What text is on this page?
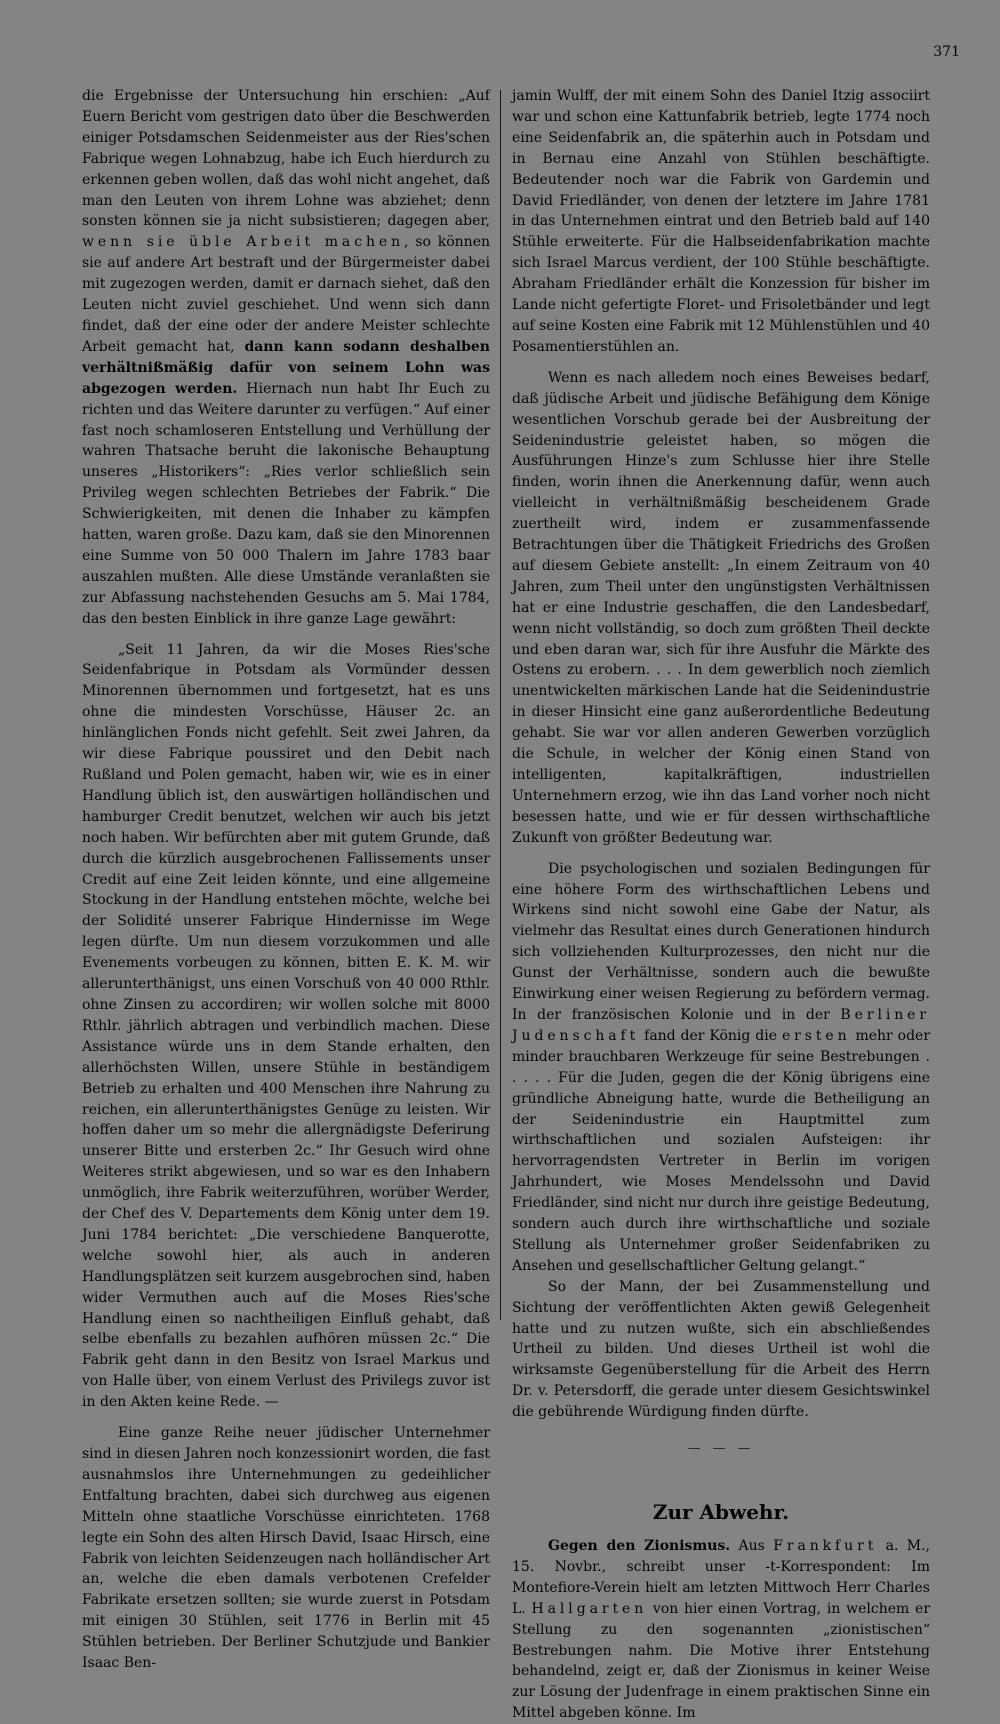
371

die Ergebnisse der Untersuchung hin erschien: „Auf Euern Bericht vom gestrigen dato über die Beschwerden einiger Potsdamschen Seidenmeister aus der Ries'schen Fabrique wegen Lohnabzug, habe ich Euch hierdurch zu erkennen geben wollen, daß das wohl nicht angehet, daß man den Leuten von ihrem Lohne was abziehet; denn sonsten können sie ja nicht subsistieren; dagegen aber, wenn sie üble Arbeit machen, so können sie auf andere Art bestraft und der Bürgermeister dabei mit zugezogen werden, damit er darnach siehet, daß den Leuten nicht zuviel geschiehet. Und wenn sich dann findet, daß der eine oder der andere Meister schlechte Arbeit gemacht hat, dann kann sodann deshalben verhältnißmäßig dafür von seinem Lohn was abgezogen werden. Hiernach nun habt Ihr Euch zu richten und das Weitere darunter zu verfügen.“ Auf einer fast noch schamloseren Entstellung und Verhüllung der wahren Thatsache beruht die lakonische Behauptung unseres „Historikers“: „Ries verlor schließlich sein Privileg wegen schlechten Betriebes der Fabrik.“ Die Schwierigkeiten, mit denen die Inhaber zu kämpfen hatten, waren große. Dazu kam, daß sie den Minorennen eine Summe von 50 000 Thalern im Jahre 1783 baar auszahlen mußten. Alle diese Umstände veranlaßten sie zur Abfassung nachstehenden Gesuchs am 5. Mai 1784, das den besten Einblick in ihre ganze Lage gewährt:

„Seit 11 Jahren, da wir die Moses Ries'sche Seidenfabrique in Potsdam als Vormünder dessen Minorennen übernommen und fortgesetzt, hat es uns ohne die mindesten Vorschüsse, Häuser 2c. an hinlänglichen Fonds nicht gefehlt. Seit zwei Jahren, da wir diese Fabrique poussiret und den Debit nach Rußland und Polen gemacht, haben wir, wie es in einer Handlung üblich ist, den auswärtigen holländischen und hamburger Credit benutzet, welchen wir auch bis jetzt noch haben. Wir befürchten aber mit gutem Grunde, daß durch die kürzlich ausgebrochenen Fallissements unser Credit auf eine Zeit leiden könnte, und eine allgemeine Stockung in der Handlung entstehen möchte, welche bei der Solidité unserer Fabrique Hindernisse im Wege legen dürfte. Um nun diesem vorzukommen und alle Evenements vorbeugen zu können, bitten E. K. M. wir allerunterthänigst, uns einen Vorschuß von 40 000 Rthlr. ohne Zinsen zu accordiren; wir wollen solche mit 8000 Rthlr. jährlich abtragen und verbindlich machen. Diese Assistance würde uns in dem Stande erhalten, den allerhöchsten Willen, unsere Stühle in beständigem Betrieb zu erhalten und 400 Menschen ihre Nahrung zu reichen, ein allerunterthänigstes Genüge zu leisten. Wir hoffen daher um so mehr die allergnädigste Deferirung unserer Bitte und ersterben 2c.“ Ihr Gesuch wird ohne Weiteres strikt abgewiesen, und so war es den Inhabern unmöglich, ihre Fabrik weiterzuführen, worüber Werder, der Chef des V. Departements dem König unter dem 19. Juni 1784 berichtet: „Die verschiedene Banquerotte, welche sowohl hier, als auch in anderen Handlungsplätzen seit kurzem ausgebrochen sind, haben wider Vermuthen auch auf die Moses Ries'sche Handlung einen so nachtheiligen Einfluß gehabt, daß selbe ebenfalls zu bezahlen aufhören müssen 2c.“ Die Fabrik geht dann in den Besitz von Israel Markus und von Halle über, von einem Verlust des Privilegs zuvor ist in den Akten keine Rede. —

Eine ganze Reihe neuer jüdischer Unternehmer sind in diesen Jahren noch konzessionirt worden, die fast ausnahmslos ihre Unternehmungen zu gedeihlicher Entfaltung brachten, dabei sich durchweg aus eigenen Mitteln ohne staatliche Vorschüsse einrichteten. 1768 legte ein Sohn des alten Hirsch David, Isaac Hirsch, eine Fabrik von leichten Seidenzeugen nach holländischer Art an, welche die eben damals verbotenen Crefelder Fabrikate ersetzen sollten; sie wurde zuerst in Potsdam mit einigen 30 Stühlen, seit 1776 in Berlin mit 45 Stühlen betrieben. Der Berliner Schutzjude und Bankier Isaac Ben-

jamin Wulff, der mit einem Sohn des Daniel Itzig associirt war und schon eine Kattunfabrik betrieb, legte 1774 noch eine Seidenfabrik an, die späterhin auch in Potsdam und in Bernau eine Anzahl von Stühlen beschäftigte. Bedeutender noch war die Fabrik von Gardemin und David Friedländer, von denen der letztere im Jahre 1781 in das Unternehmen eintrat und den Betrieb bald auf 140 Stühle erweiterte. Für die Halbseidenfabrikation machte sich Israel Marcus verdient, der 100 Stühle beschäftigte. Abraham Friedländer erhält die Konzession für bisher im Lande nicht gefertigte Floret- und Frisoletbänder und legt auf seine Kosten eine Fabrik mit 12 Mühlenstühlen und 40 Posamentierstühlen an.

Wenn es nach alledem noch eines Beweises bedarf, daß jüdische Arbeit und jüdische Befähigung dem Könige wesentlichen Vorschub gerade bei der Ausbreitung der Seidenindustrie geleistet haben, so mögen die Ausführungen Hinze's zum Schlusse hier ihre Stelle finden, worin ihnen die Anerkennung dafür, wenn auch vielleicht in verhältnißmäßig bescheidenem Grade zuertheilt wird, indem er zusammenfassende Betrachtungen über die Thätigkeit Friedrichs des Großen auf diesem Gebiete anstellt: „In einem Zeitraum von 40 Jahren, zum Theil unter den ungünstigsten Verhältnissen hat er eine Industrie geschaffen, die den Landesbedarf, wenn nicht vollständig, so doch zum größten Theil deckte und eben daran war, sich für ihre Ausfuhr die Märkte des Ostens zu erobern. . . . In dem gewerblich noch ziemlich unentwickelten märkischen Lande hat die Seidenindustrie in dieser Hinsicht eine ganz außerordentliche Bedeutung gehabt. Sie war vor allen anderen Gewerben vorzüglich die Schule, in welcher der König einen Stand von intelligenten, kapitalkräftigen, industriellen Unternehmern erzog, wie ihn das Land vorher noch nicht besessen hatte, und wie er für dessen wirthschaftliche Zukunft von größter Bedeutung war.

Die psychologischen und sozialen Bedingungen für eine höhere Form des wirthschaftlichen Lebens und Wirkens sind nicht sowohl eine Gabe der Natur, als vielmehr das Resultat eines durch Generationen hindurch sich vollziehenden Kulturprozesses, den nicht nur die Gunst der Verhältnisse, sondern auch die bewußte Einwirkung einer weisen Regierung zu befördern vermag. In der französischen Kolonie und in der Berliner Judenschaft fand der König die ersten mehr oder minder brauchbaren Werkzeuge für seine Bestrebungen . . . . . Für die Juden, gegen die der König übrigens eine gründliche Abneigung hatte, wurde die Betheiligung an der Seidenindustrie ein Hauptmittel zum wirthschaftlichen und sozialen Aufsteigen: ihr hervorragendsten Vertreter in Berlin im vorigen Jahrhundert, wie Moses Mendelssohn und David Friedländer, sind nicht nur durch ihre geistige Bedeutung, sondern auch durch ihre wirthschaftliche und soziale Stellung als Unternehmer großer Seidenfabriken zu Ansehen und gesellschaftlicher Geltung gelangt.“

So der Mann, der bei Zusammenstellung und Sichtung der veröffentlichten Akten gewiß Gelegenheit hatte und zu nutzen wußte, sich ein abschließendes Urtheil zu bilden. Und dieses Urtheil ist wohl die wirksamste Gegenüberstellung für die Arbeit des Herrn Dr. v. Petersdorff, die gerade unter diesem Gesichtswinkel die gebührende Würdigung finden dürfte.

— — —
Zur Abwehr.

Gegen den Zionismus. Aus Frankfurt a. M., 15. Novbr., schreibt unser -t-Korrespondent: Im Montefiore-Verein hielt am letzten Mittwoch Herr Charles L. Hallgarten von hier einen Vortrag, in welchem er Stellung zu den sogenannten „zionistischen“ Bestrebungen nahm. Die Motive ihrer Entstehung behandelnd, zeigt er, daß der Zionismus in keiner Weise zur Lösung der Judenfrage in einem praktischen Sinne ein Mittel abgeben könne. Im
